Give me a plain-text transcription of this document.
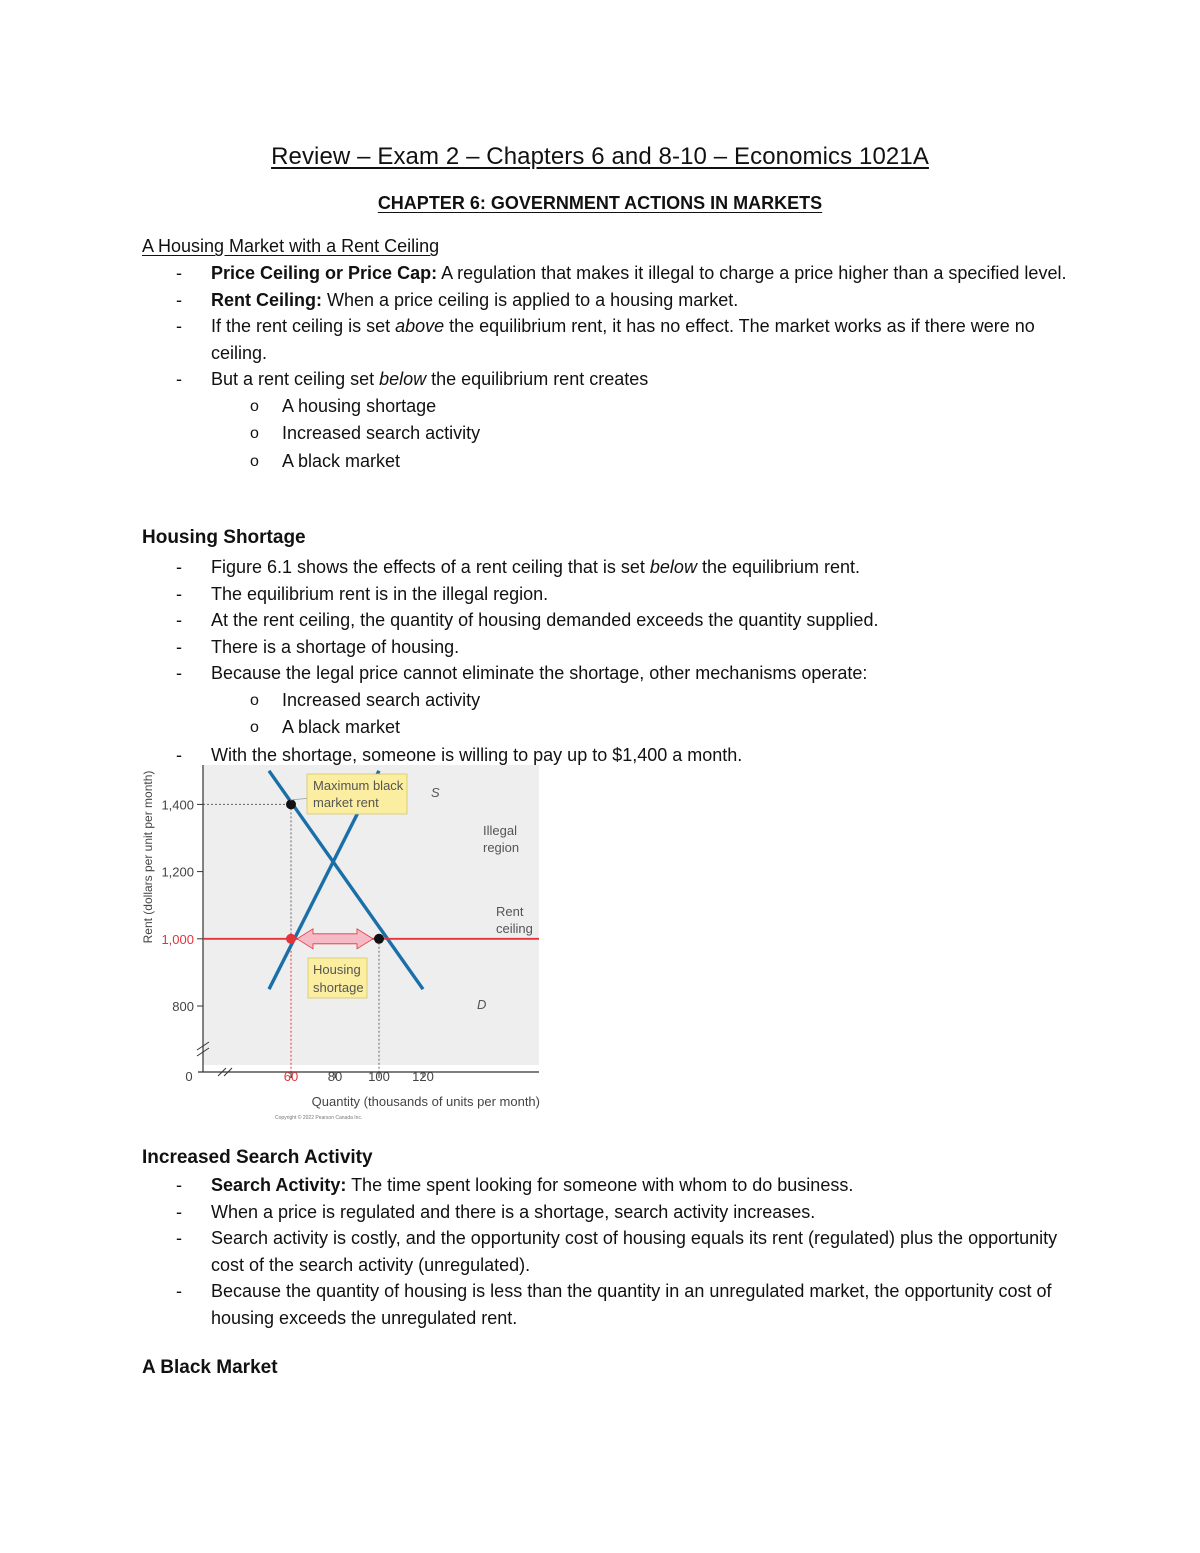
Review – Exam 2 – Chapters 6 and 8-10 – Economics 1021A
CHAPTER 6: GOVERNMENT ACTIONS IN MARKETS
A Housing Market with a Rent Ceiling
- Price Ceiling or Price Cap: A regulation that makes it illegal to charge a price higher than a specified level.
- Rent Ceiling: When a price ceiling is applied to a housing market.
- If the rent ceiling is set above the equilibrium rent, it has no effect. The market works as if there were no ceiling.
- But a rent ceiling set below the equilibrium rent creates
o A housing shortage
o Increased search activity
o A black market
Housing Shortage
- Figure 6.1 shows the effects of a rent ceiling that is set below the equilibrium rent.
- The equilibrium rent is in the illegal region.
- At the rent ceiling, the quantity of housing demanded exceeds the quantity supplied.
- There is a shortage of housing.
- Because the legal price cannot eliminate the shortage, other mechanisms operate:
o Increased search activity
o A black market
- With the shortage, someone is willing to pay up to $1,400 a month.
800
1,000
1,200
1,400
0	60 80 100 120
Maximum black
market rent
Housing
shortage
S
D
Illegal
region
Rent
ceiling
Quantity (thousands of units per month)
Rent (dollars per unit per month)
Copyright © 2022 Pearson Canada Inc.
Increased Search Activity
- Search Activity: The time spent looking for someone with whom to do business.
- When a price is regulated and there is a shortage, search activity increases.
- Search activity is costly, and the opportunity cost of housing equals its rent (regulated) plus the opportunity cost of the search activity (unregulated).
- Because the quantity of housing is less than the quantity in an unregulated market, the opportunity cost of housing exceeds the unregulated rent.
A Black Market
